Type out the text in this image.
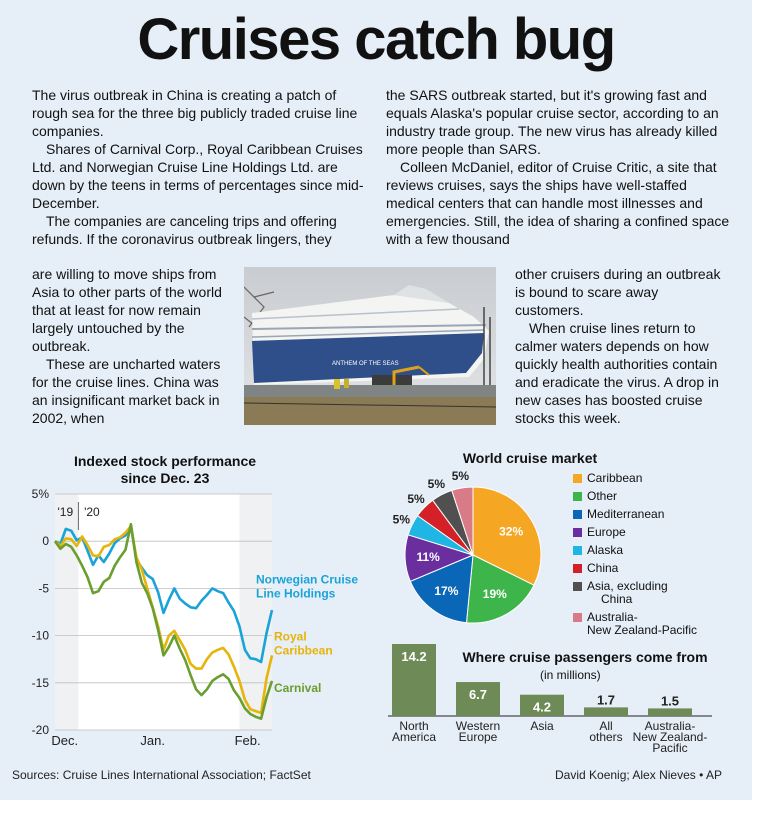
Cruises catch bug

The virus outbreak in China is creating a patch of rough sea for the three big publicly traded cruise line companies.

Shares of Carnival Corp., Royal Caribbean Cruises Ltd. and Norwegian Cruise Line Holdings Ltd. are down by the teens in terms of percentages since mid-December.

The companies are canceling trips and offering refunds. If the coronavirus outbreak lingers, they

are willing to move ships from Asia to other parts of the world that at least for now remain largely untouched by the outbreak.

These are uncharted waters for the cruise lines. China was an insignificant market back in 2002, when

the SARS outbreak started, but it's growing fast and equals Alaska's popular cruise sector, according to an industry trade group. The new virus has already killed more people than SARS.

Colleen McDaniel, editor of Cruise Critic, a site that reviews cruises, says the ships have well-staffed medical centers that can handle most illnesses and emergencies. Still, the idea of sharing a confined space with a few thousand

other cruisers during an outbreak is bound to scare away customers.

When cruise lines return to calmer waters depends on how quickly health authorities contain and eradicate the virus. A drop in new cases has boosted cruise stocks this week.

ANTHEM OF THE SEAS
Indexed stock performance since Dec. 23
5%
0
-5
-10
-15
-20
'19 '20
Dec.	Jan.	Feb.
Norwegian Cruise Line Holdings
Royal Caribbean
Carnival
World cruise market
32%
19%
17%
11%
5%
5%
5%
5%	Caribbean
Other
Mediterranean
Europe
Alaska
China
Asia, excluding
China
Australia-
New Zealand-Pacific
Where cruise passengers come from
(in millions)
14.2
North America
6.7
Western Europe
4.2
Asia
1.7
All others
1.5
Australia-New Zealand-Pacific
Sources: Cruise Lines International Association; FactSet	David Koenig; Alex Nieves • AP
